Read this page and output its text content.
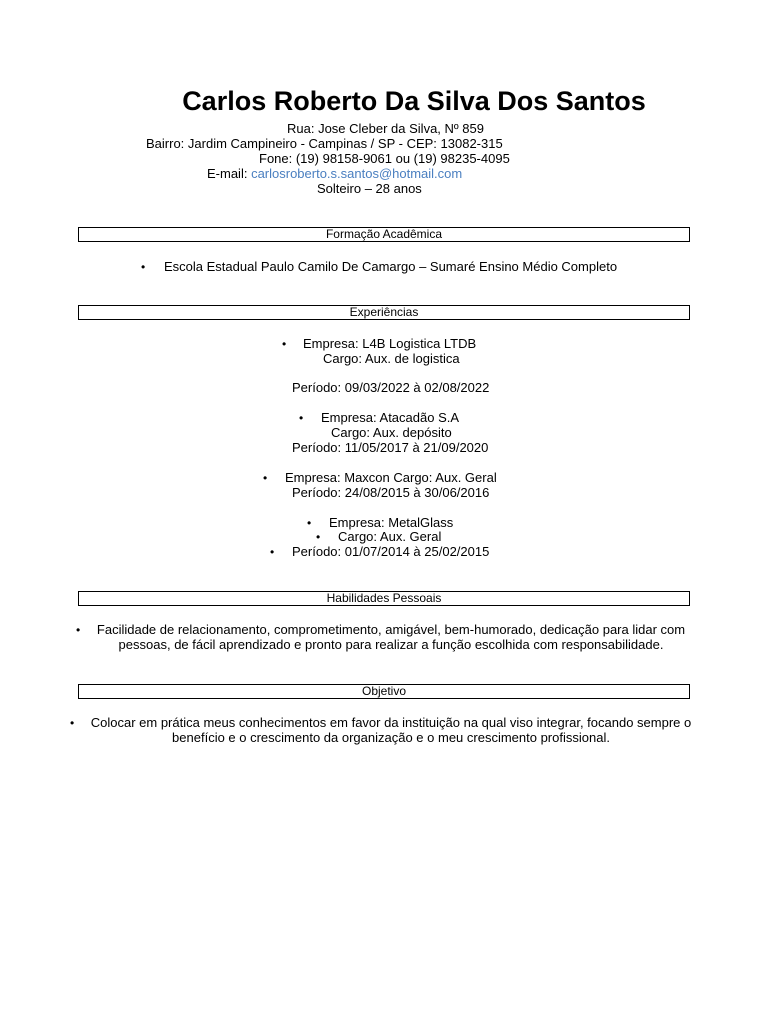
Carlos Roberto Da Silva Dos Santos
Rua: Jose Cleber da Silva, Nº 859
Bairro: Jardim Campineiro - Campinas / SP - CEP: 13082-315
Fone: (19) 98158-9061 ou (19) 98235-4095
E-mail: carlosroberto.s.santos@hotmail.com
Solteiro – 28 anos
Formação Acadêmica
• Escola Estadual Paulo Camilo De Camargo – Sumaré Ensino Médio Completo
Experiências
• Empresa: L4B Logistica LTDB
Cargo: Aux. de logistica
Período: 09/03/2022 à 02/08/2022
• Empresa: Atacadão S.A
Cargo: Aux. depósito
Período: 11/05/2017 à 21/09/2020
• Empresa: Maxcon Cargo: Aux. Geral
Período: 24/08/2015 à 30/06/2016
• Empresa: MetalGlass
• Cargo: Aux. Geral
• Período: 01/07/2014 à 25/02/2015
Habilidades Pessoais
•	Facilidade de relacionamento, comprometimento, amigável, bem-humorado, dedicação para lidar com pessoas, de fácil aprendizado e pronto para realizar a função escolhida com responsabilidade.
Objetivo
•	Colocar em prática meus conhecimentos em favor da instituição na qual viso integrar, focando sempre o benefício e o crescimento da organização e o meu crescimento profissional.
